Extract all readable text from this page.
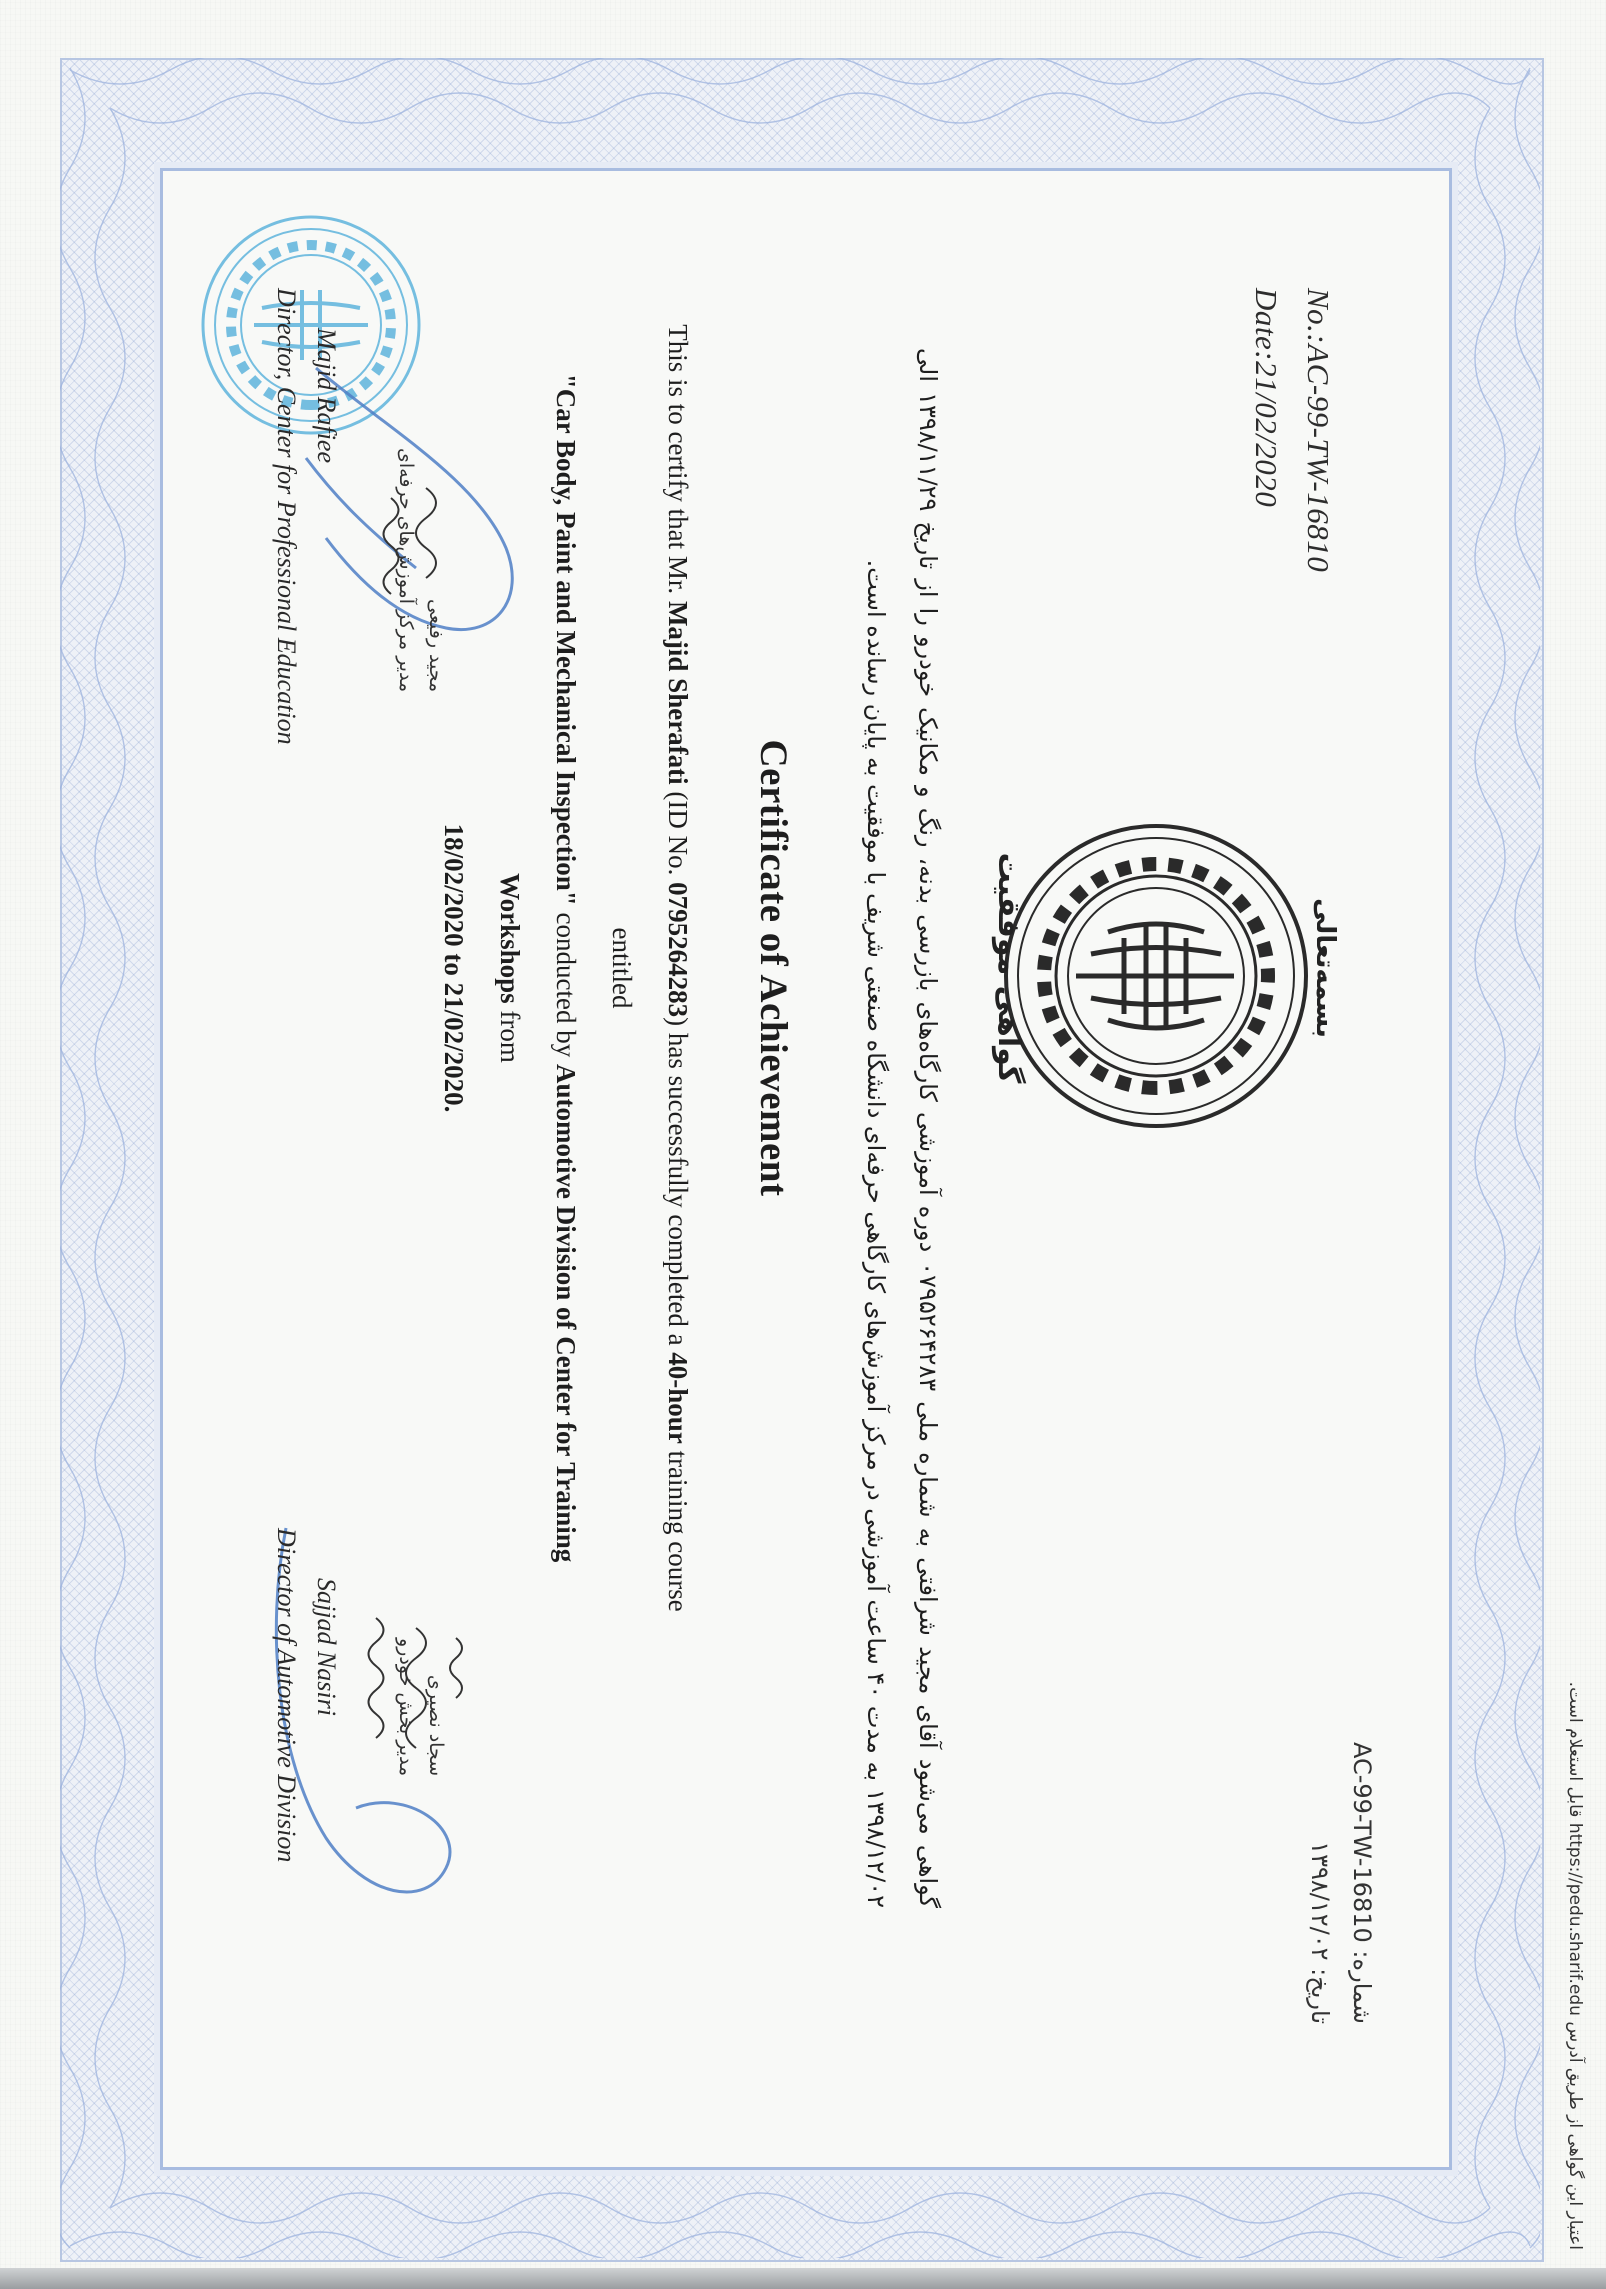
No.:AC-99-TW-16810
Date:21/02/2020
AC-99-TW-16810 :شماره
تاریخ: ۱۳۹۸/۱۲/۰۲
بسمه‌تعالی
گواهی موفقیت
گواهی می‌شود آقای مجید شرافتی به شماره ملی ۰۷۹۵۲۶۴۲۸۳ دوره آموزشی کارگاه‌های بازرسی بدنه، رنگ و مکانیک خودرو را از تاریخ ۱۳۹۸/۱۱/۲۹ الی ۱۳۹۸/۱۲/۰۲ به مدت ۴۰ ساعت آموزشی در مرکز آموزش‌های کارگاهی حرفه‌ای دانشگاه صنعتی شریف با موفقیت به پایان رسانده است.
Certificate of Achievement
This is to certify that Mr. Majid Sherafati (ID No. 0795264283) has successfully completed a 40-hour training course entitled
"Car Body, Paint and Mechanical Inspection" conducted by Automotive Division of Center for Training Workshops from
18/02/2020 to 21/02/2020.
مجید رفیعی
مدیر مرکز آموزش‌های حرفه‌ای
سجاد نصیری
مدیر بخش خودرو
Majid Rafiee
Director, Center for Professional Education
Sajjad Nasiri
Director of Automotive Division	اعتبار این گواهی از طریق آدرس https://pedu.sharif.edu قابل استعلام است.
